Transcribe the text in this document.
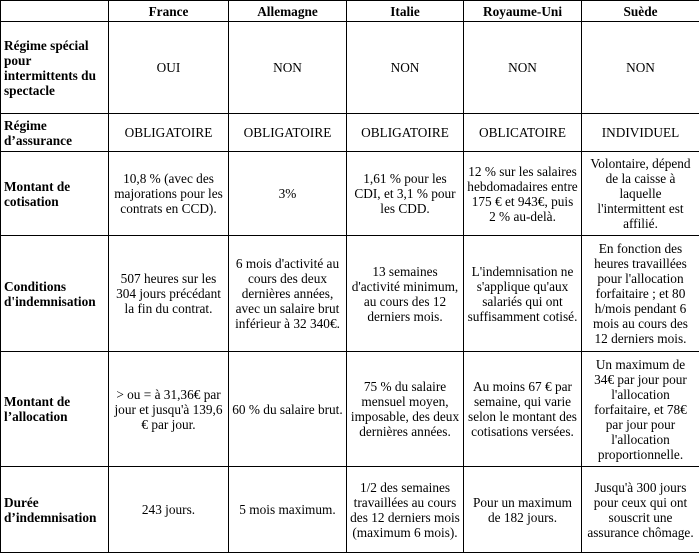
	France	Allemagne	Italie	Royaume-Uni	Suède
Régime spécial pour intermittents du spectacle	OUI	NON	NON	NON	NON
Régime d’assurance	OBLIGATOIRE	OBLIGATOIRE	OBLIGATOIRE	OBLICATOIRE	INDIVIDUEL
Montant de cotisation	10,8 % (avec des majorations pour les contrats en CCD).	3%	1,61 % pour les CDI, et 3,1 % pour les CDD.	12 % sur les salaires hebdomadaires entre 175 € et 943€, puis 2 % au-delà.	Volontaire, dépend de la caisse à laquelle l'intermittent est affilié.
Conditions d'indemnisation	507 heures sur les 304 jours précédant la fin du contrat.	6 mois d'activité au cours des deux dernières années, avec un salaire brut inférieur à 32 340€.	13 semaines d'activité minimum, au cours des 12 derniers mois.	L'indemnisation ne s'applique qu'aux salariés qui ont suffisamment cotisé.	En fonction des heures travaillées pour l'allocation forfaitaire ; et 80 h/mois pendant 6 mois au cours des 12 derniers mois.
Montant de l’allocation	> ou = à 31,36€ par jour et jusqu'à 139,6 € par jour.	60 % du salaire brut.	75 % du salaire mensuel moyen, imposable, des deux dernières années.	Au moins 67 € par semaine, qui varie selon le montant des cotisations versées.	Un maximum de 34€ par jour pour l'allocation forfaitaire, et 78€ par jour pour l'allocation proportionnelle.
Durée d’indemnisation	243 jours.	5 mois maximum.	1/2 des semaines travaillées au cours des 12 derniers mois (maximum 6 mois).	Pour un maximum de 182 jours.	Jusqu'à 300 jours pour ceux qui ont souscrit une assurance chômage.
